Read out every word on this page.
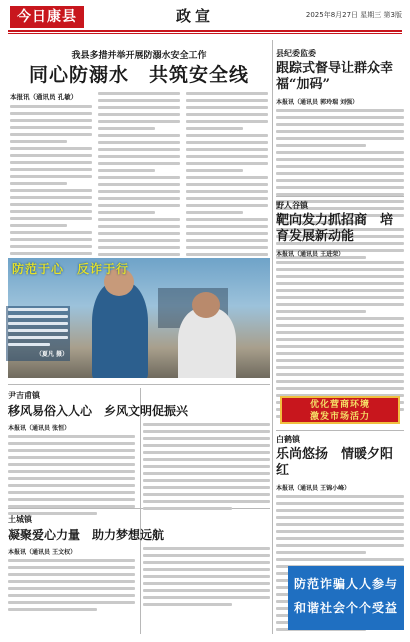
今日康县	政宣	2025年8月27日 星期三 第3版
我县多措并举开展防溺水安全工作
同心防溺水　共筑安全线
本报讯（通讯员 孔敏）
防范于心　反诈于行
（夏凡 摄）
县纪委监委
跟踪式督导让群众幸福“加码”
本报讯（通讯员 郭玲瑞 刘强）
野人谷镇
靶向发力抓招商　培育发展新动能
本报讯（通讯员 王进荣）
优化营商环境
激发市场活力
白鹤镇
乐尚悠扬　情暖夕阳红
本报讯（通讯员 王锦小峰）
尹吉甫镇
移风易俗入人心　乡风文明促振兴
本报讯（通讯员 张恒）
土城镇
凝聚爱心力量　助力梦想远航
本报讯（通讯员 王文权）
防范诈骗人人参与
和谐社会个个受益
